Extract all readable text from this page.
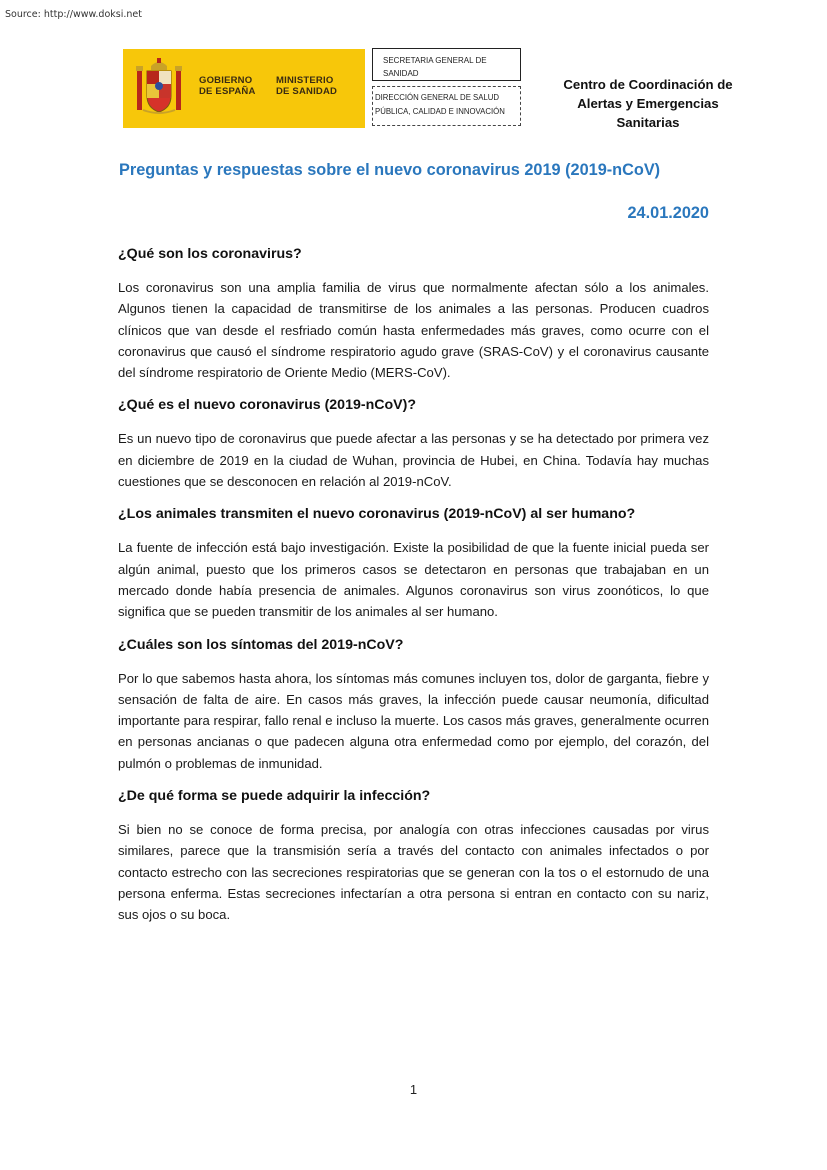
Source: http://www.doksi.net
GOBIERNO
DE ESPAÑA
MINISTERIO
DE SANIDAD
SECRETARIA GENERAL DE SANIDAD
DIRECCIÓN GENERAL DE SALUD PÚBLICA, CALIDAD E INNOVACIÓN
Centro de Coordinación de
Alertas y Emergencias
Sanitarias
Preguntas y respuestas sobre el nuevo coronavirus 2019 (2019-nCoV)
24.01.2020
¿Qué son los coronavirus?

Los coronavirus son una amplia familia de virus que normalmente afectan sólo a los animales. Algunos tienen la capacidad de transmitirse de los animales a las personas. Producen cuadros clínicos que van desde el resfriado común hasta enfermedades más graves, como ocurre con el coronavirus que causó el síndrome respiratorio agudo grave (SRAS-CoV) y el coronavirus causante del síndrome respiratorio de Oriente Medio (MERS-CoV).

¿Qué es el nuevo coronavirus (2019-nCoV)?

Es un nuevo tipo de coronavirus que puede afectar a las personas y se ha detectado por primera vez en diciembre de 2019 en la ciudad de Wuhan, provincia de Hubei, en China. Todavía hay muchas cuestiones que se desconocen en relación al 2019-nCoV.

¿Los animales transmiten el nuevo coronavirus (2019-nCoV) al ser humano?

La fuente de infección está bajo investigación. Existe la posibilidad de que la fuente inicial pueda ser algún animal, puesto que los primeros casos se detectaron en personas que trabajaban en un mercado donde había presencia de animales. Algunos coronavirus son virus zoonóticos, lo que significa que se pueden transmitir de los animales al ser humano.

¿Cuáles son los síntomas del 2019-nCoV?

Por lo que sabemos hasta ahora, los síntomas más comunes incluyen tos, dolor de garganta, fiebre y sensación de falta de aire. En casos más graves, la infección puede causar neumonía, dificultad importante para respirar, fallo renal e incluso la muerte. Los casos más graves, generalmente ocurren en personas ancianas o que padecen alguna otra enfermedad como por ejemplo, del corazón, del pulmón o problemas de inmunidad.

¿De qué forma se puede adquirir la infección?

Si bien no se conoce de forma precisa, por analogía con otras infecciones causadas por virus similares, parece que la transmisión sería a través del contacto con animales infectados o por contacto estrecho con las secreciones respiratorias que se generan con la tos o el estornudo de una persona enferma. Estas secreciones infectarían a otra persona si entran en contacto con su nariz, sus ojos o su boca.

1
